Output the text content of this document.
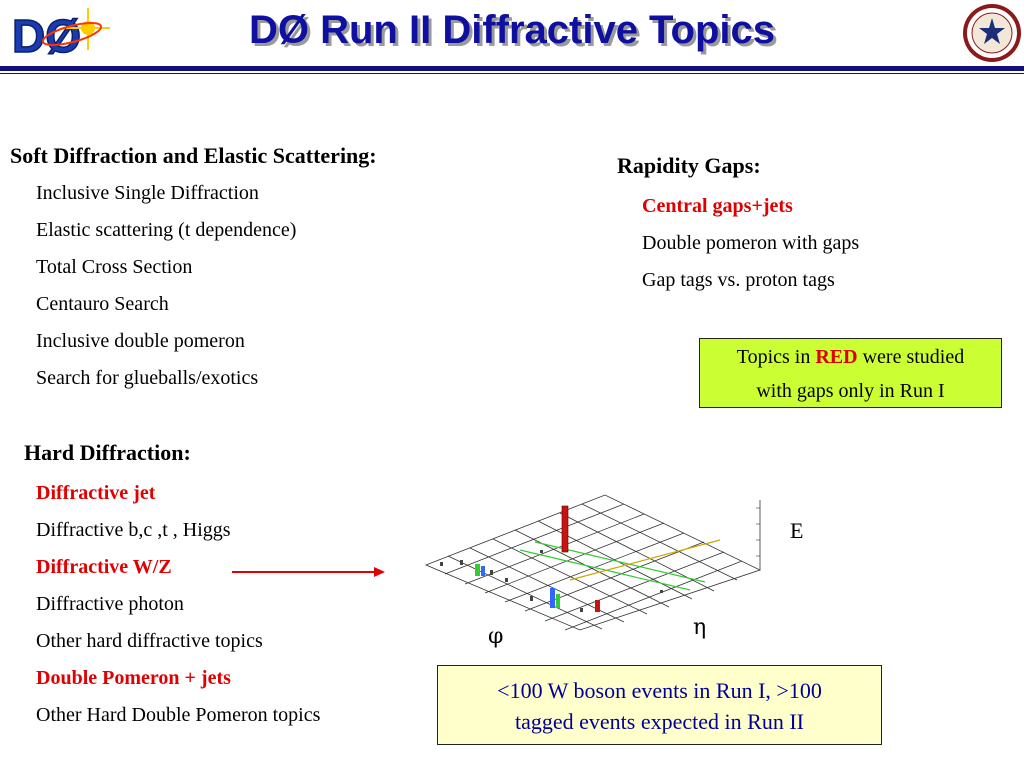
DØ	DØ Run II Diffractive Topics
Soft Diffraction and Elastic Scattering:
Inclusive Single Diffraction
Elastic scattering (t dependence)
Total Cross Section
Centauro Search
Inclusive double pomeron
Search for glueballs/exotics
Hard Diffraction:
Diffractive jet
Diffractive b,c ,t , Higgs
Diffractive W/Z
Diffractive photon
Other hard diffractive topics
Double Pomeron + jets
Other Hard Double Pomeron topics
Rapidity Gaps:
Central gaps+jets
Double pomeron with gaps
Gap tags vs. proton tags
Topics in RED were studied
with gaps only in Run I
E
η
φ
<100 W boson events in Run I, >100
tagged events expected in Run II
